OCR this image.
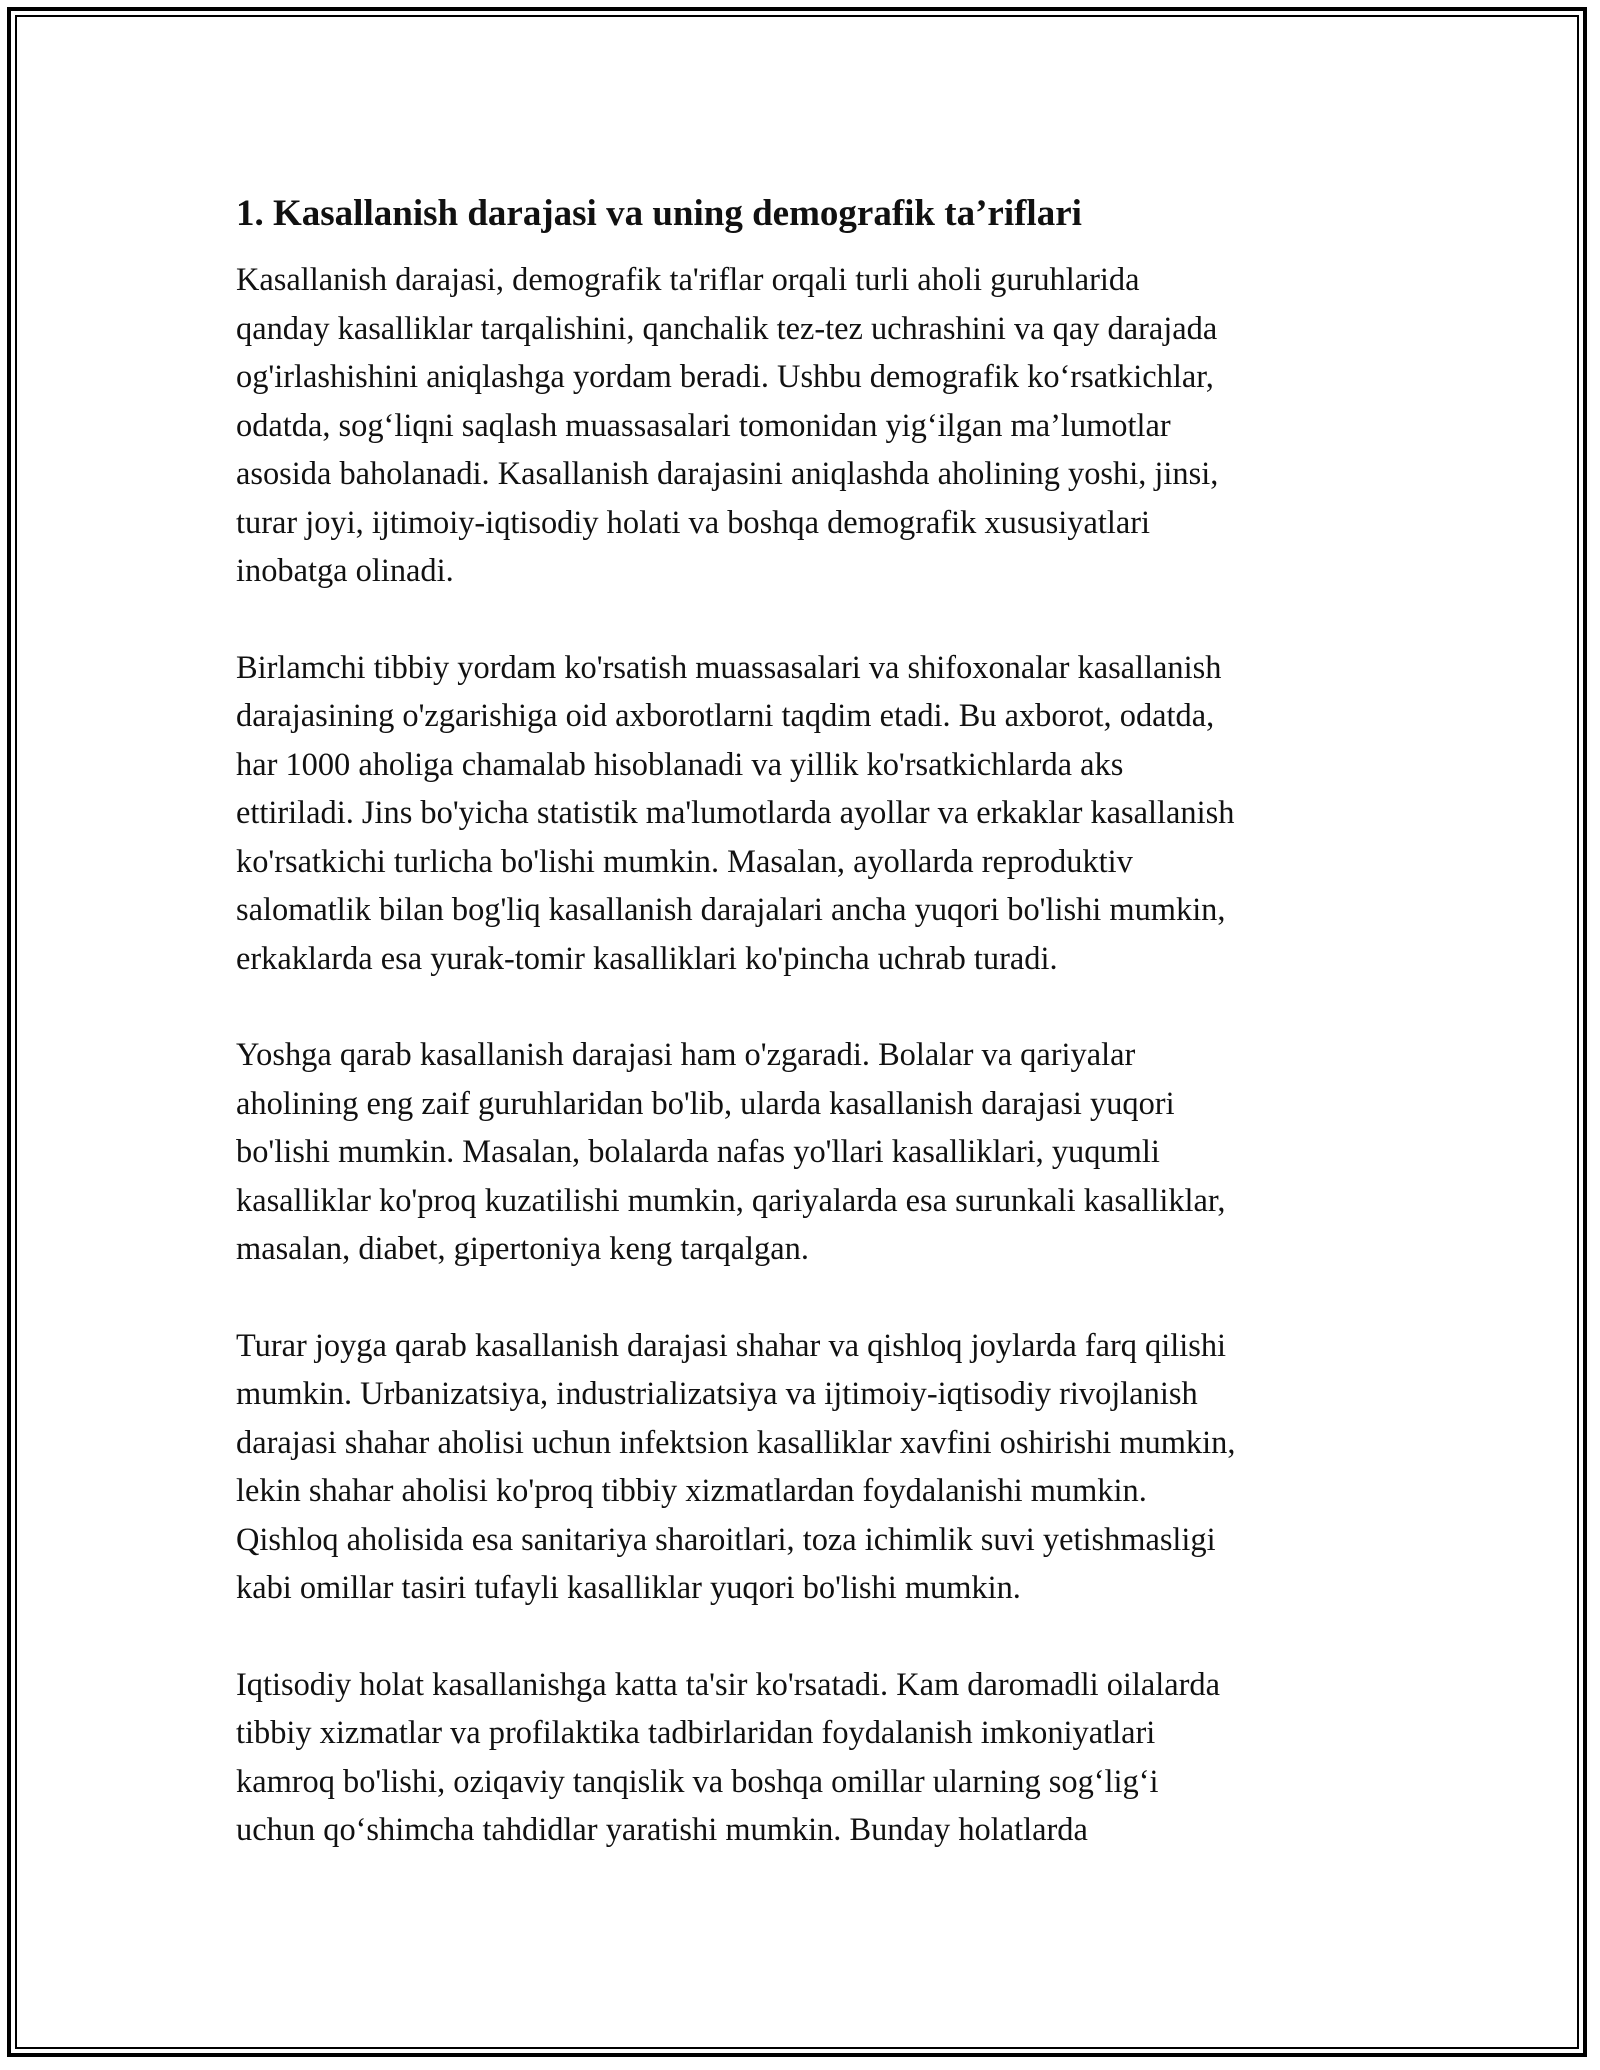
1. Kasallanish darajasi va uning demografik ta’riflari

Kasallanish darajasi, demografik ta'riflar orqali turli aholi guruhlarida
qanday kasalliklar tarqalishini, qanchalik tez-tez uchrashini va qay darajada
og'irlashishini aniqlashga yordam beradi. Ushbu demografik ko‘rsatkichlar,
odatda, sog‘liqni saqlash muassasalari tomonidan yig‘ilgan ma’lumotlar
asosida baholanadi. Kasallanish darajasini aniqlashda aholining yoshi, jinsi,
turar joyi, ijtimoiy-iqtisodiy holati va boshqa demografik xususiyatlari
inobatga olinadi.

Birlamchi tibbiy yordam ko'rsatish muassasalari va shifoxonalar kasallanish
darajasining o'zgarishiga oid axborotlarni taqdim etadi. Bu axborot, odatda,
har 1000 aholiga chamalab hisoblanadi va yillik ko'rsatkichlarda aks
ettiriladi. Jins bo'yicha statistik ma'lumotlarda ayollar va erkaklar kasallanish
ko'rsatkichi turlicha bo'lishi mumkin. Masalan, ayollarda reproduktiv
salomatlik bilan bog'liq kasallanish darajalari ancha yuqori bo'lishi mumkin,
erkaklarda esa yurak-tomir kasalliklari ko'pincha uchrab turadi.

Yoshga qarab kasallanish darajasi ham o'zgaradi. Bolalar va qariyalar
aholining eng zaif guruhlaridan bo'lib, ularda kasallanish darajasi yuqori
bo'lishi mumkin. Masalan, bolalarda nafas yo'llari kasalliklari, yuqumli
kasalliklar ko'proq kuzatilishi mumkin, qariyalarda esa surunkali kasalliklar,
masalan, diabet, gipertoniya keng tarqalgan.

Turar joyga qarab kasallanish darajasi shahar va qishloq joylarda farq qilishi
mumkin. Urbanizatsiya, industrializatsiya va ijtimoiy-iqtisodiy rivojlanish
darajasi shahar aholisi uchun infektsion kasalliklar xavfini oshirishi mumkin,
lekin shahar aholisi ko'proq tibbiy xizmatlardan foydalanishi mumkin.
Qishloq aholisida esa sanitariya sharoitlari, toza ichimlik suvi yetishmasligi
kabi omillar tasiri tufayli kasalliklar yuqori bo'lishi mumkin.

Iqtisodiy holat kasallanishga katta ta'sir ko'rsatadi. Kam daromadli oilalarda
tibbiy xizmatlar va profilaktika tadbirlaridan foydalanish imkoniyatlari
kamroq bo'lishi, oziqaviy tanqislik va boshqa omillar ularning sog‘lig‘i
uchun qo‘shimcha tahdidlar yaratishi mumkin. Bunday holatlarda
